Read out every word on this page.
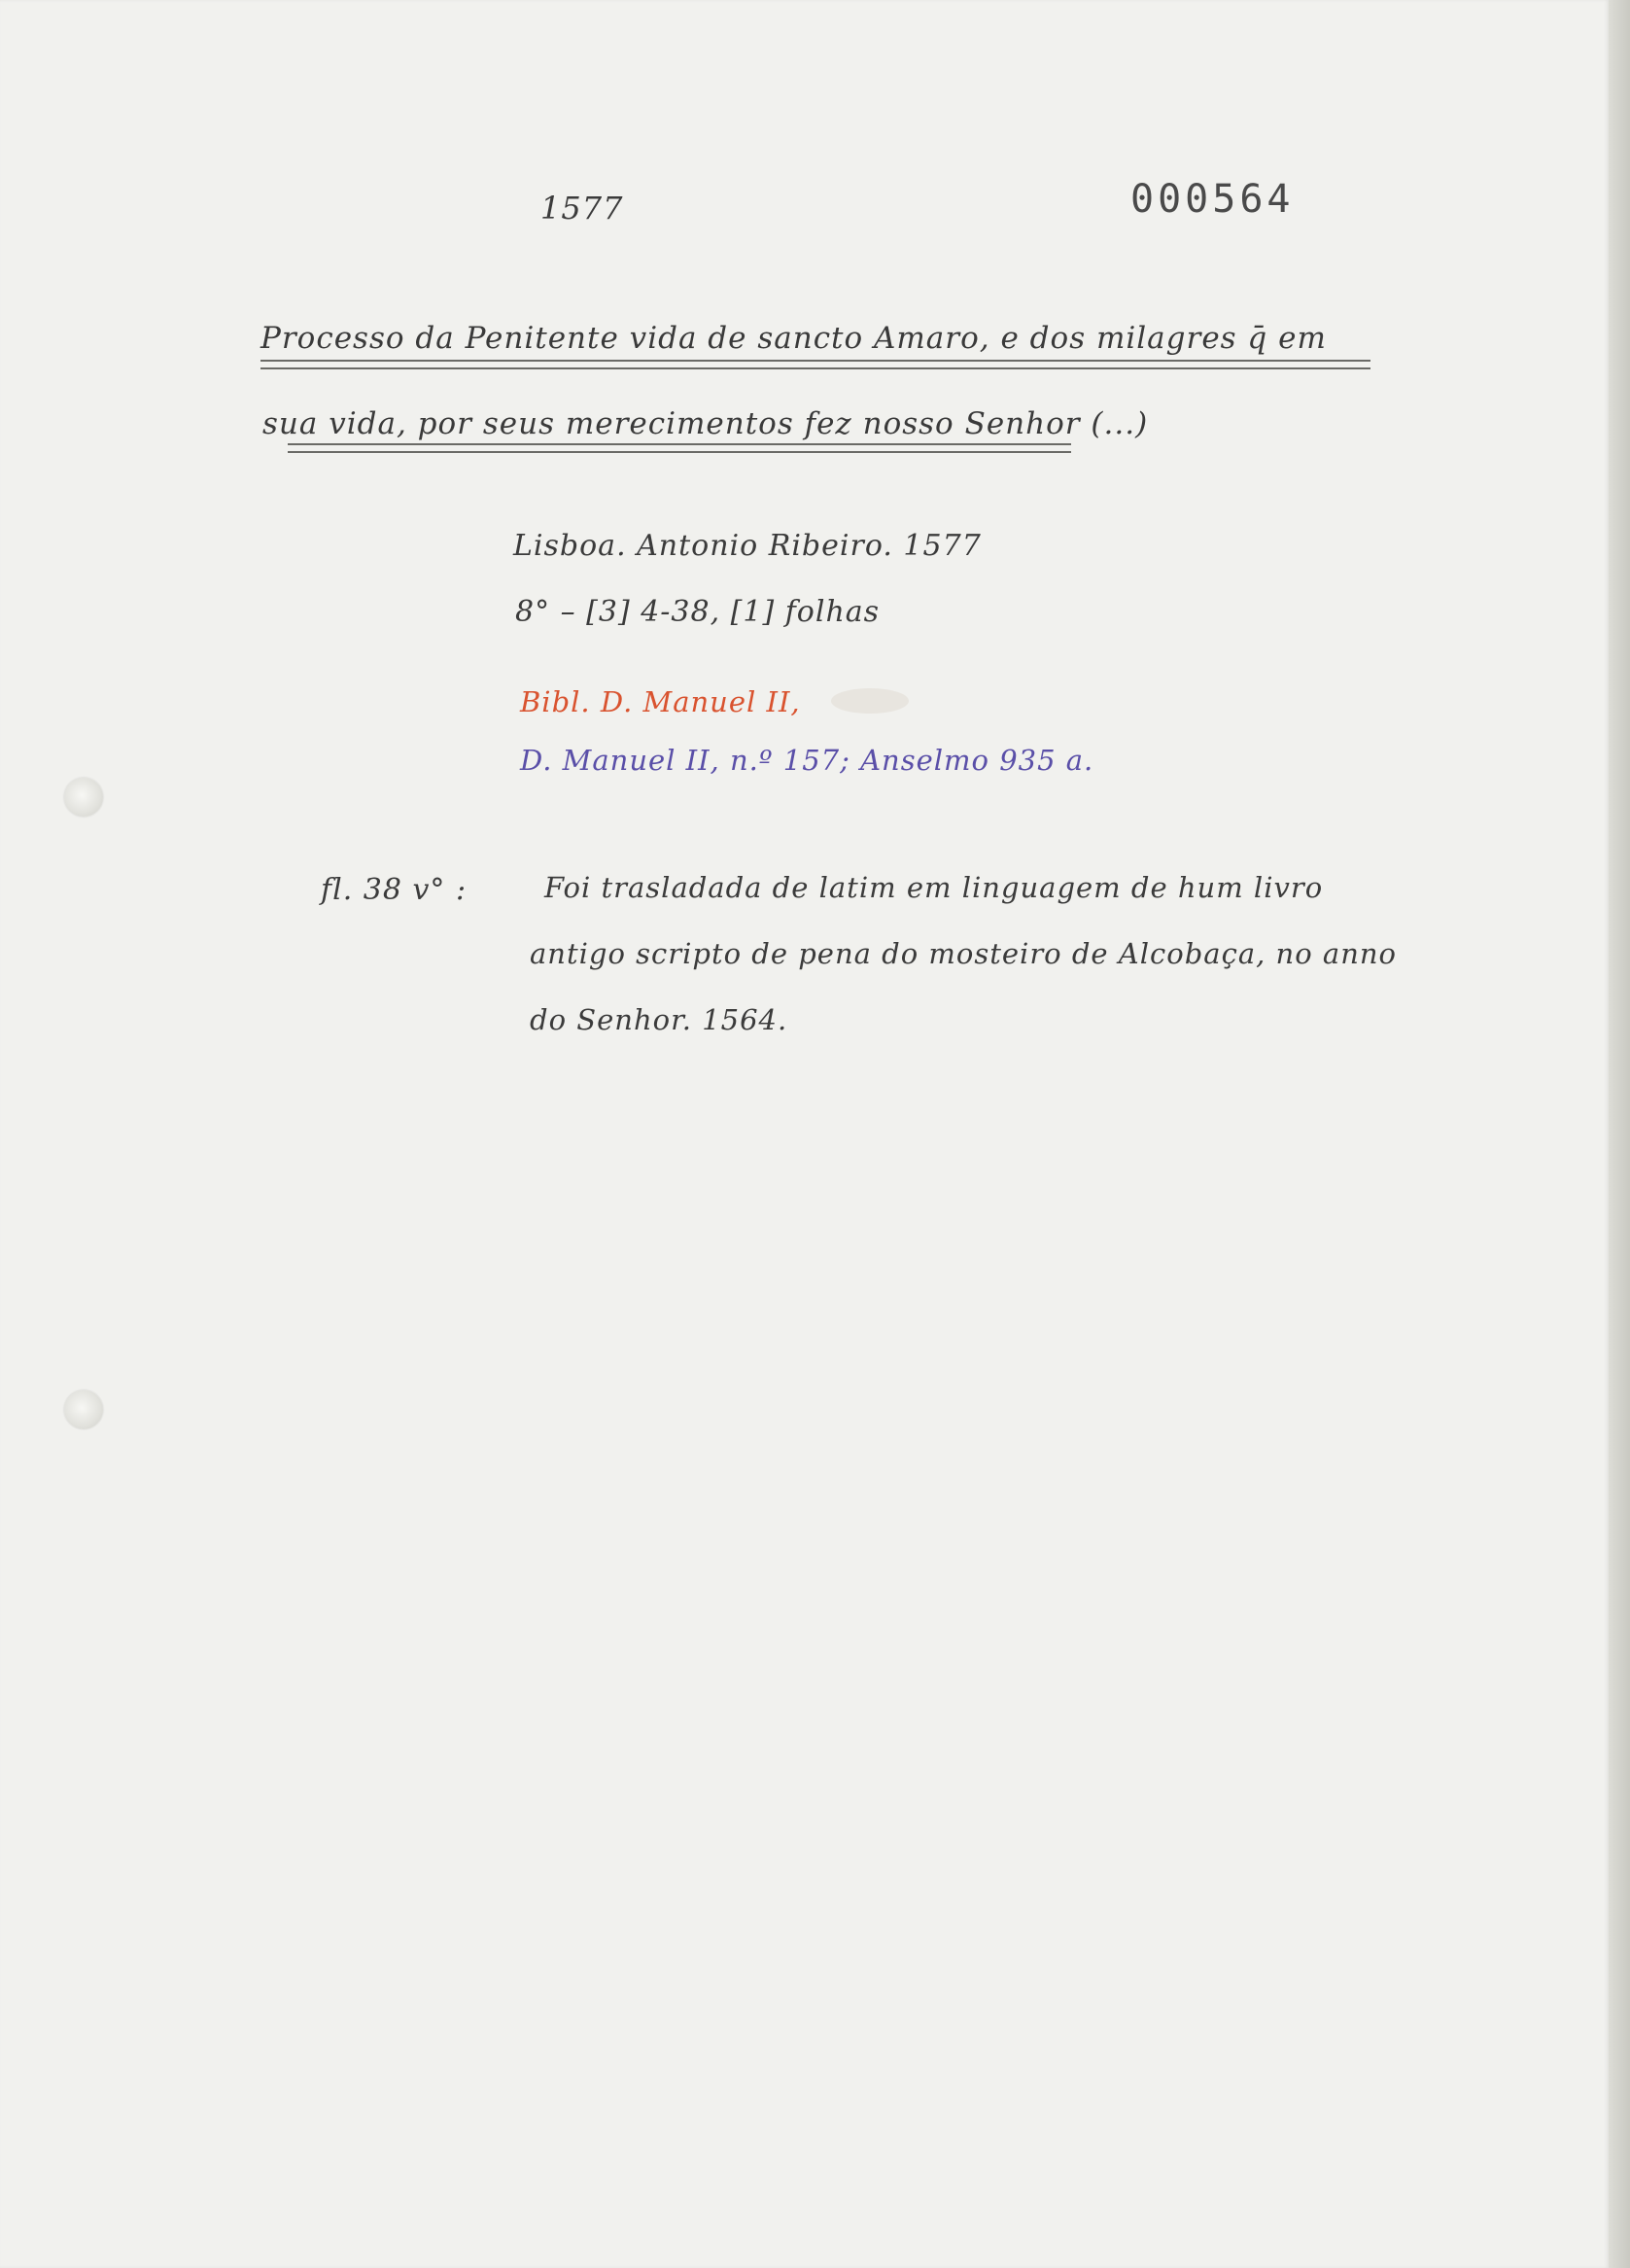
1577	000564
Processo da Penitente vida de sancto Amaro, e dos milagres q̄ em
sua vida, por seus merecimentos fez nosso Senhor (...)
Lisboa. Antonio Ribeiro. 1577
8° – [3] 4-38, [1] folhas
Bibl. D. Manuel II,
D. Manuel II, n.º 157; Anselmo 935 a.
fl. 38 v° :	Foi trasladada de latim em linguagem de hum livro
antigo scripto de pena do mosteiro de Alcobaça, no anno
do Senhor. 1564.
